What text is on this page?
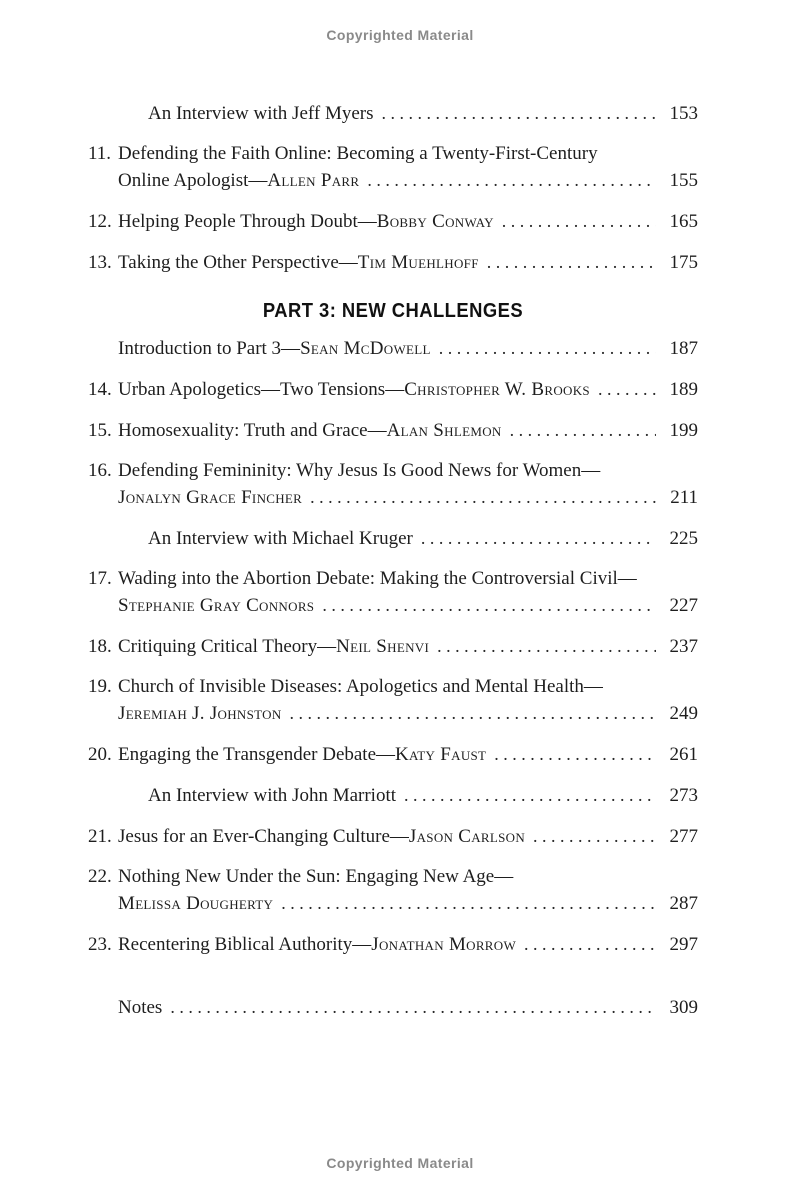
Copyrighted Material
An Interview with Jeff Myers .....	153
11. Defending the Faith Online: Becoming a Twenty-First-Century
Online Apologist— Allen Parr .....	155
12. Helping People Through Doubt— Bobby Conway .....	165
13. Taking the Other Perspective— Tim Muehlhoff .....	175
PART 3: NEW CHALLENGES
Introduction to Part 3— Sean McDowell .....	187
14. Urban Apologetics—Two Tensions— Christopher W. Brooks .....	189
15. Homosexuality: Truth and Grace— Alan Shlemon .....	199
16. Defending Femininity: Why Jesus Is Good News for Women—
Jonalyn Grace Fincher .....	211
An Interview with Michael Kruger .....	225
17. Wading into the Abortion Debate: Making the Controversial Civil—
Stephanie Gray Connors .....	227
18. Critiquing Critical Theory— Neil Shenvi .....	237
19. Church of Invisible Diseases: Apologetics and Mental Health—
Jeremiah J. Johnston .....	249
20. Engaging the Transgender Debate— Katy Faust .....	261
An Interview with John Marriott .....	273
21. Jesus for an Ever-Changing Culture— Jason Carlson .....	277
22. Nothing New Under the Sun: Engaging New Age—
Melissa Dougherty .....	287
23. Recentering Biblical Authority— Jonathan Morrow .....	297
Notes .....	309
Copyrighted Material
